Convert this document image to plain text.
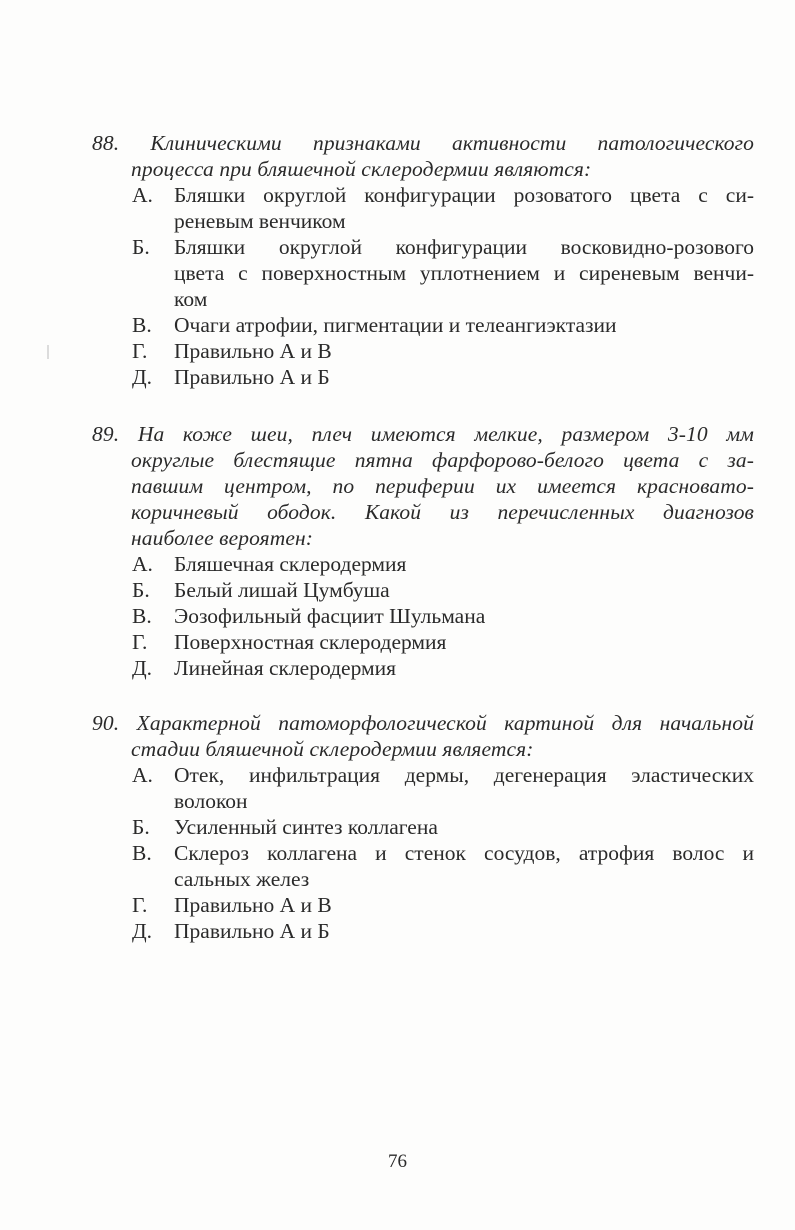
88. Клиническими признаками активности патологического
процесса при бляшечной склеродермии являются:
А. Бляшки округлой конфигурации розоватого цвета с си-
реневым венчиком
Б.	Бляшки округлой конфигурации восковидно-розового
цвета с поверхностным уплотнением и сиреневым венчи-
ком
В.	Очаги атрофии, пигментации и телеангиэктазии
Г.	Правильно А и В
Д.	Правильно А и Б
89. На коже шеи, плеч имеются мелкие, размером 3-10 мм
округлые блестящие пятна фарфорово-белого цвета с за-
павшим центром, по периферии их имеется красновато-
коричневый ободок. Какой из перечисленных диагнозов
наиболее вероятен:
А. Бляшечная склеродермия
Б.	Белый лишай Цумбуша
В.	Эозофильный фасциит Шульмана
Г.	Поверхностная склеродермия
Д.	Линейная склеродермия
90. Характерной патоморфологической картиной для начальной
стадии бляшечной склеродермии является:
А. Отек, инфильтрация дермы, дегенерация эластических
волокон
Б.	Усиленный синтез коллагена
В.	Склероз коллагена и стенок сосудов, атрофия волос и
сальных желез
Г.	Правильно А и В
Д.	Правильно А и Б
76
